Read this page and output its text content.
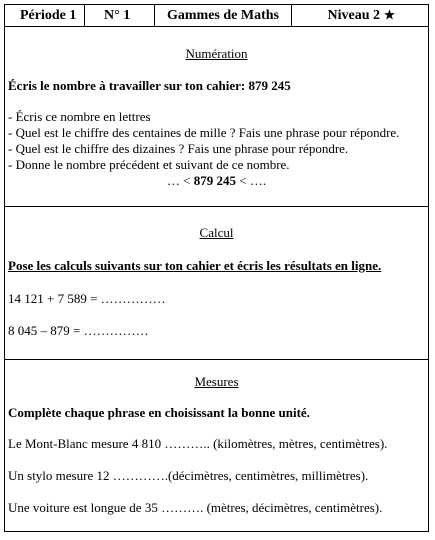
Période 1	N° 1	Gammes de Maths	Niveau 2
Numération
Écris le nombre à travailler sur ton cahier: 879 245
- Écris ce nombre en lettres
- Quel est le chiffre des centaines de mille ? Fais une phrase pour répondre.
- Quel est le chiffre des dizaines ? Fais une phrase pour répondre.
- Donne le nombre précédent et suivant de ce nombre.
… < 879 245 < ….
Calcul
Pose les calculs suivants sur ton cahier et écris les résultats en ligne.
14 121 + 7 589 = ……………
8 045 – 879 = ……………
Mesures
Complète chaque phrase en choisissant la bonne unité.
Le Mont-Blanc mesure 4 810 ……….. (kilomètres, mètres, centimètres).
Un stylo mesure 12 ………….(décimètres, centimètres, millimètres).
Une voiture est longue de 35 ………. (mètres, décimètres, centimètres).
